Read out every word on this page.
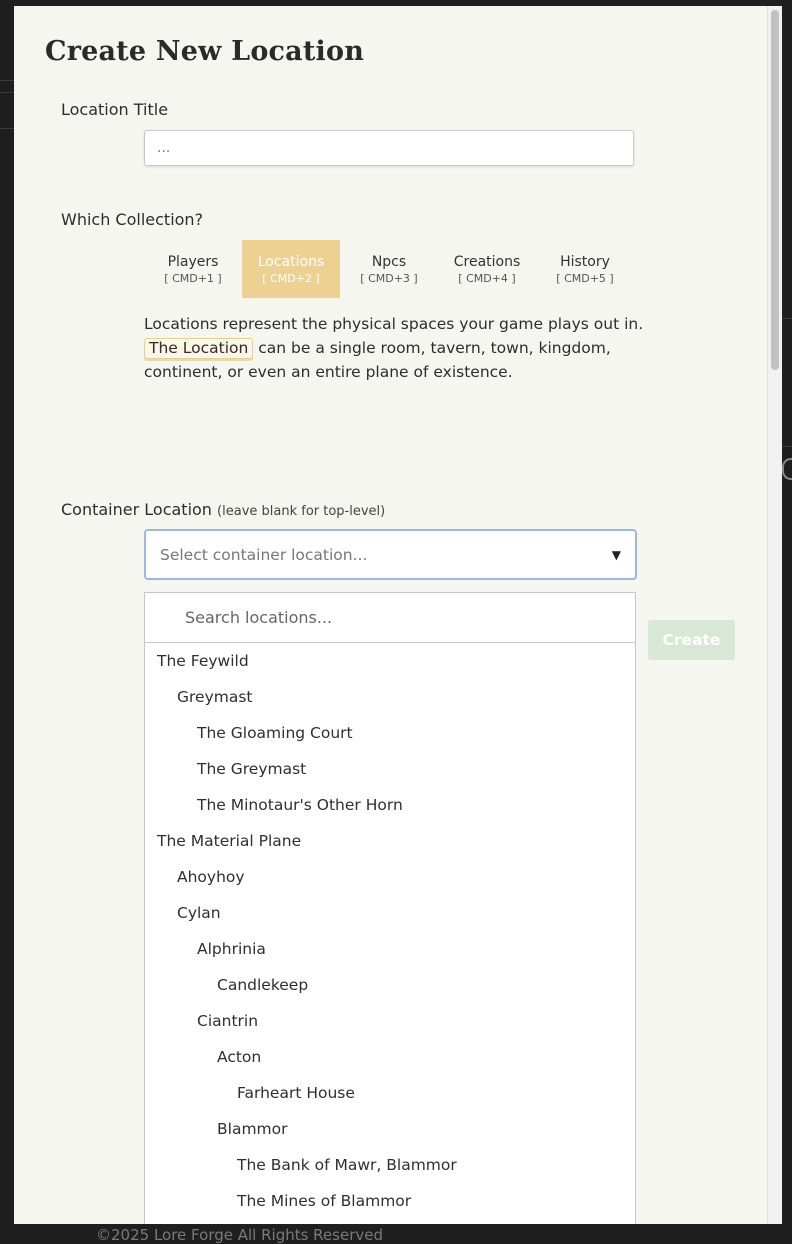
©2025 Lore Forge All Rights Reserved
Create New Location
Location Title
...
Which Collection?
Players
[ CMD+1 ]
Locations
[ CMD+2 ]
Npcs
[ CMD+3 ]
Creations
[ CMD+4 ]
History
[ CMD+5 ]

Locations represent the physical spaces your game plays out in. The Location can be a single room, tavern, town, kingdom, continent, or even an entire plane of existence.

Container Location (leave blank for top-level)
Select container location...	▼
Create
Search locations...
The Feywild
Greymast
The Gloaming Court
The Greymast
The Minotaur's Other Horn
The Material Plane
Ahoyhoy
Cylan
Alphrinia
Candlekeep
Ciantrin
Acton
Farheart House
Blammor
The Bank of Mawr, Blammor
The Mines of Blammor
